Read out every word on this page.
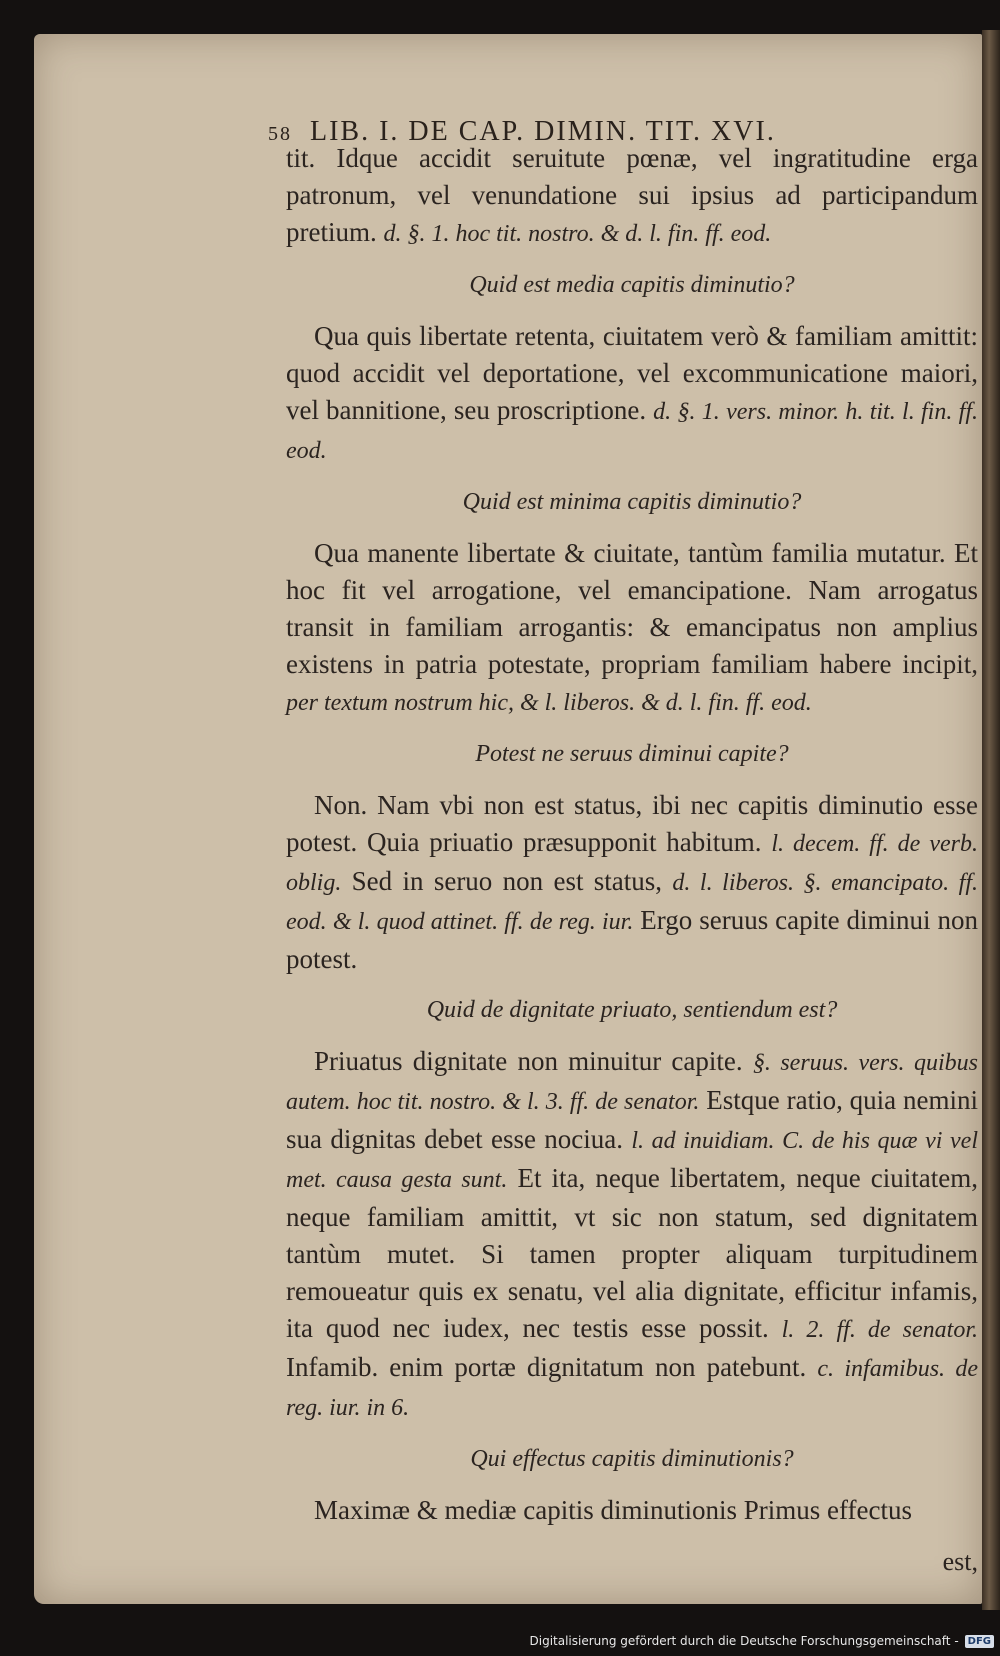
58 LIB. I. DE CAP. DIMIN. TIT. XVI.

tit. Idque accidit seruitute pœnæ, vel ingratitudine erga patronum, vel venundatione sui ipsius ad participandum pretium. d. §. 1. hoc tit. nostro. & d. l. fin. ff. eod.

Quid est media capitis diminutio?

Qua quis libertate retenta, ciuitatem verò & familiam amittit: quod accidit vel deportatione, vel excommunicatione maiori, vel bannitione, seu proscriptione. d. §. 1. vers. minor. h. tit. l. fin. ff. eod.

Quid est minima capitis diminutio?

Qua manente libertate & ciuitate, tantùm familia mutatur. Et hoc fit vel arrogatione, vel emancipatione. Nam arrogatus transit in familiam arrogantis: & emancipatus non amplius existens in patria potestate, propriam familiam habere incipit, per textum nostrum hic, & l. liberos. & d. l. fin. ff. eod.

Potest ne seruus diminui capite?

Non. Nam vbi non est status, ibi nec capitis diminutio esse potest. Quia priuatio præsupponit habitum. l. decem. ff. de verb. oblig. Sed in seruo non est status, d. l. liberos. §. emancipato. ff. eod. & l. quod attinet. ff. de reg. iur. Ergo seruus capite diminui non potest.

Quid de dignitate priuato, sentiendum est?

Priuatus dignitate non minuitur capite. §. seruus. vers. quibus autem. hoc tit. nostro. & l. 3. ff. de senator. Estque ratio, quia nemini sua dignitas debet esse nociua. l. ad inuidiam. C. de his quæ vi vel met. causa gesta sunt. Et ita, neque libertatem, neque ciuitatem, neque familiam amittit, vt sic non statum, sed dignitatem tantùm mutet. Si tamen propter aliquam turpitudinem remoueatur quis ex senatu, vel alia dignitate, efficitur infamis, ita quod nec iudex, nec testis esse possit. l. 2. ff. de senator. Infamib. enim portæ dignitatum non patebunt. c. infamibus. de reg. iur. in 6.

Qui effectus capitis diminutionis?

Maximæ & mediæ capitis diminutionis Primus effectus

est,

Digitalisierung gefördert durch die Deutsche Forschungsgemeinschaft - DFG
